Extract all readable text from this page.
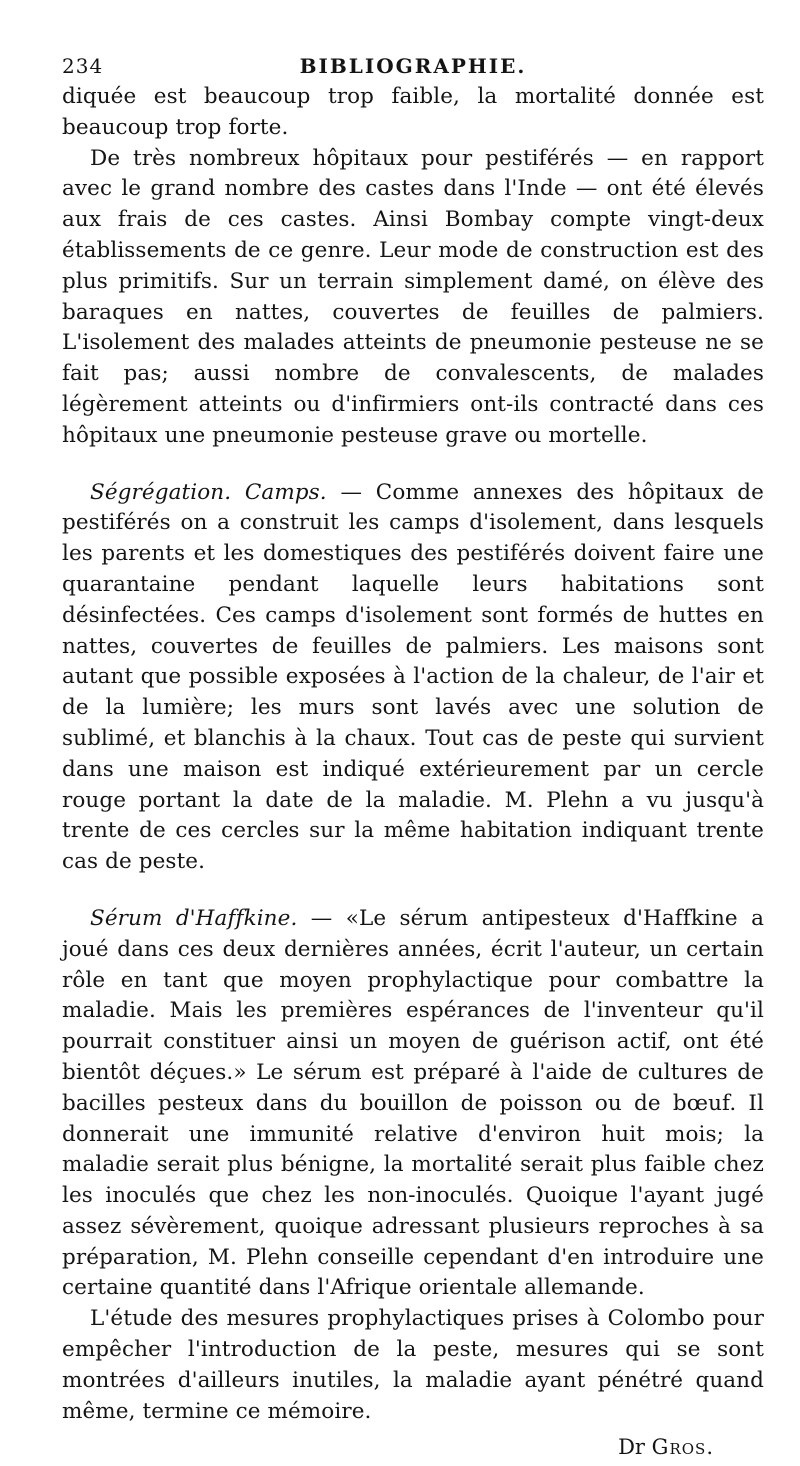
234	BIBLIOGRAPHIE.

diquée est beaucoup trop faible, la mortalité donnée est beaucoup trop forte.

De très nombreux hôpitaux pour pestiférés — en rapport avec le grand nombre des castes dans l'Inde — ont été élevés aux frais de ces castes. Ainsi Bombay compte vingt-deux établissements de ce genre. Leur mode de construction est des plus primitifs. Sur un terrain simplement damé, on élève des baraques en nattes, couvertes de feuilles de palmiers. L'isolement des malades atteints de pneumonie pesteuse ne se fait pas; aussi nombre de convalescents, de malades légèrement atteints ou d'infirmiers ont-ils contracté dans ces hôpitaux une pneumonie pesteuse grave ou mortelle.

Ségrégation. Camps. — Comme annexes des hôpitaux de pestiférés on a construit les camps d'isolement, dans lesquels les parents et les domestiques des pestiférés doivent faire une quarantaine pendant laquelle leurs habitations sont désinfectées. Ces camps d'isolement sont formés de huttes en nattes, couvertes de feuilles de palmiers. Les maisons sont autant que possible exposées à l'action de la chaleur, de l'air et de la lumière; les murs sont lavés avec une solution de sublimé, et blanchis à la chaux. Tout cas de peste qui survient dans une maison est indiqué extérieurement par un cercle rouge portant la date de la maladie. M. Plehn a vu jusqu'à trente de ces cercles sur la même habitation indiquant trente cas de peste.

Sérum d'Haffkine. — «Le sérum antipesteux d'Haffkine a joué dans ces deux dernières années, écrit l'auteur, un certain rôle en tant que moyen prophylactique pour combattre la maladie. Mais les premières espérances de l'inventeur qu'il pourrait constituer ainsi un moyen de guérison actif, ont été bientôt déçues.» Le sérum est préparé à l'aide de cultures de bacilles pesteux dans du bouillon de poisson ou de bœuf. Il donnerait une immunité relative d'environ huit mois; la maladie serait plus bénigne, la mortalité serait plus faible chez les inoculés que chez les non-inoculés. Quoique l'ayant jugé assez sévèrement, quoique adressant plusieurs reproches à sa préparation, M. Plehn conseille cependant d'en introduire une certaine quantité dans l'Afrique orientale allemande.

L'étude des mesures prophylactiques prises à Colombo pour empêcher l'introduction de la peste, mesures qui se sont montrées d'ailleurs inutiles, la maladie ayant pénétré quand même, termine ce mémoire.

Dr Gros.
